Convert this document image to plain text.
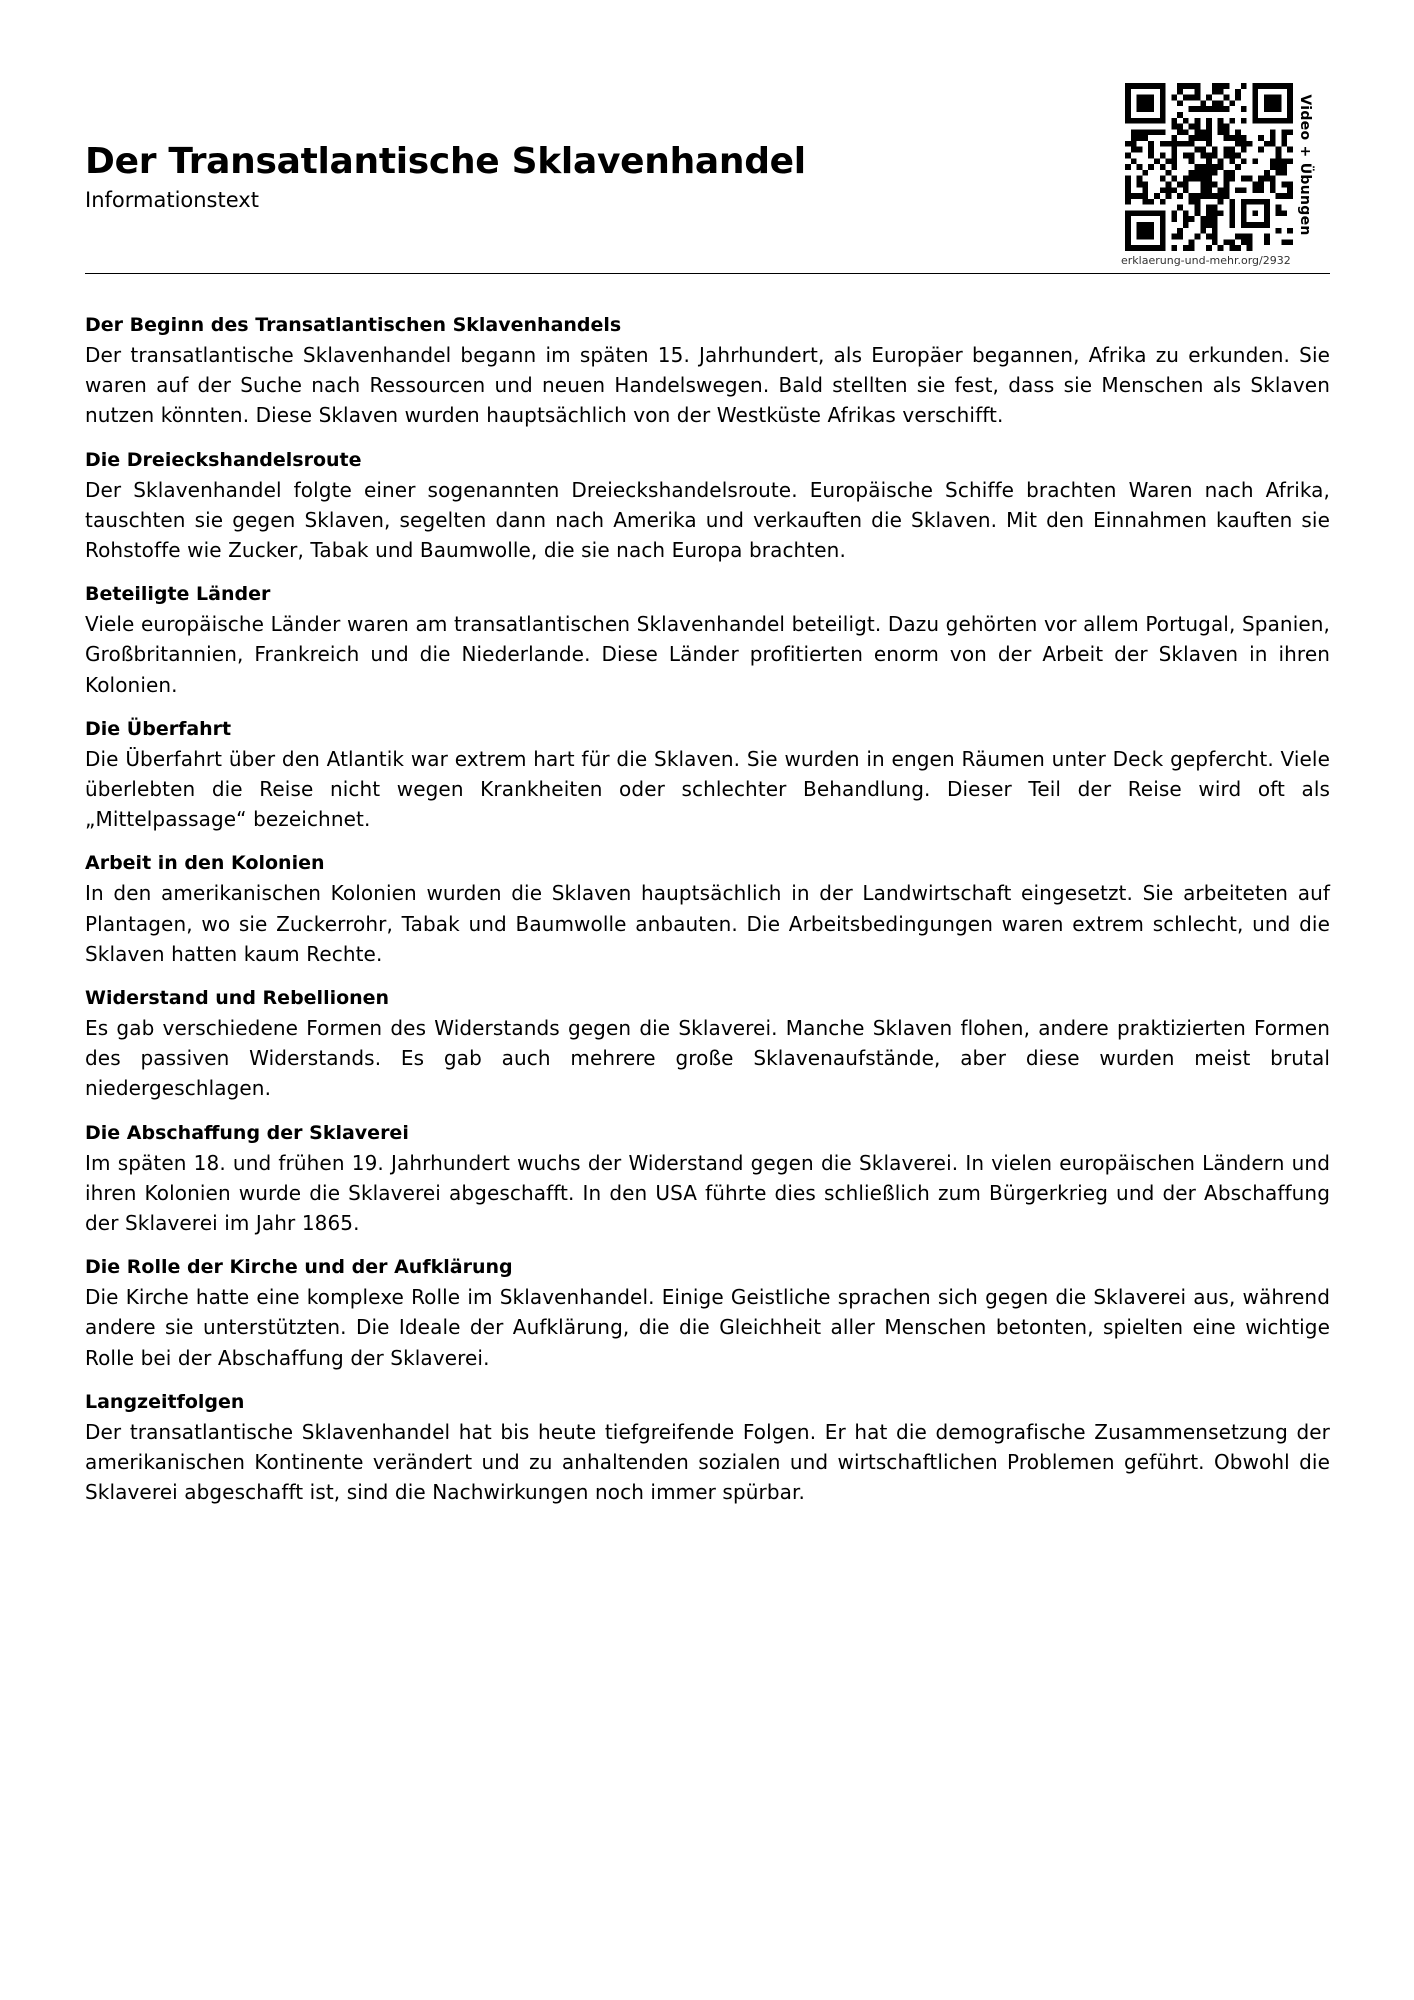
Der Transatlantische Sklavenhandel
Informationstext
erklaerung-und-mehr.org/2932
Video + Übungen
Der Beginn des Transatlantischen Sklavenhandels

Der transatlantische Sklavenhandel begann im späten 15. Jahrhundert, als Europäer begannen, Afrika zu erkunden. Sie waren auf der Suche nach Ressourcen und neuen Handelswegen. Bald stellten sie fest, dass sie Menschen als Sklaven nutzen könnten. Diese Sklaven wurden hauptsächlich von der Westküste Afrikas verschifft.

Die Dreieckshandelsroute

Der Sklavenhandel folgte einer sogenannten Dreieckshandelsroute. Europäische Schiffe brachten Waren nach Afrika, tauschten sie gegen Sklaven, segelten dann nach Amerika und verkauften die Sklaven. Mit den Einnahmen kauften sie Rohstoffe wie Zucker, Tabak und Baumwolle, die sie nach Europa brachten.

Beteiligte Länder

Viele europäische Länder waren am transatlantischen Sklavenhandel beteiligt. Dazu gehörten vor allem Portugal, Spanien, Großbritannien, Frankreich und die Niederlande. Diese Länder profitierten enorm von der Arbeit der Sklaven in ihren Kolonien.

Die Überfahrt

Die Überfahrt über den Atlantik war extrem hart für die Sklaven. Sie wurden in engen Räumen unter Deck gepfercht. Viele überlebten die Reise nicht wegen Krankheiten oder schlechter Behandlung. Dieser Teil der Reise wird oft als „Mittelpassage“ bezeichnet.

Arbeit in den Kolonien

In den amerikanischen Kolonien wurden die Sklaven hauptsächlich in der Landwirtschaft eingesetzt. Sie arbeiteten auf Plantagen, wo sie Zuckerrohr, Tabak und Baumwolle anbauten. Die Arbeitsbedingungen waren extrem schlecht, und die Sklaven hatten kaum Rechte.

Widerstand und Rebellionen

Es gab verschiedene Formen des Widerstands gegen die Sklaverei. Manche Sklaven flohen, andere praktizierten Formen des passiven Widerstands. Es gab auch mehrere große Sklavenaufstände, aber diese wurden meist brutal niedergeschlagen.

Die Abschaffung der Sklaverei

Im späten 18. und frühen 19. Jahrhundert wuchs der Widerstand gegen die Sklaverei. In vielen europäischen Ländern und ihren Kolonien wurde die Sklaverei abgeschafft. In den USA führte dies schließlich zum Bürgerkrieg und der Abschaffung der Sklaverei im Jahr 1865.

Die Rolle der Kirche und der Aufklärung

Die Kirche hatte eine komplexe Rolle im Sklavenhandel. Einige Geistliche sprachen sich gegen die Sklaverei aus, während andere sie unterstützten. Die Ideale der Aufklärung, die die Gleichheit aller Menschen betonten, spielten eine wichtige Rolle bei der Abschaffung der Sklaverei.

Langzeitfolgen

Der transatlantische Sklavenhandel hat bis heute tiefgreifende Folgen. Er hat die demografische Zusammensetzung der amerikanischen Kontinente verändert und zu anhaltenden sozialen und wirtschaftlichen Problemen geführt. Obwohl die Sklaverei abgeschafft ist, sind die Nachwirkungen noch immer spürbar.
